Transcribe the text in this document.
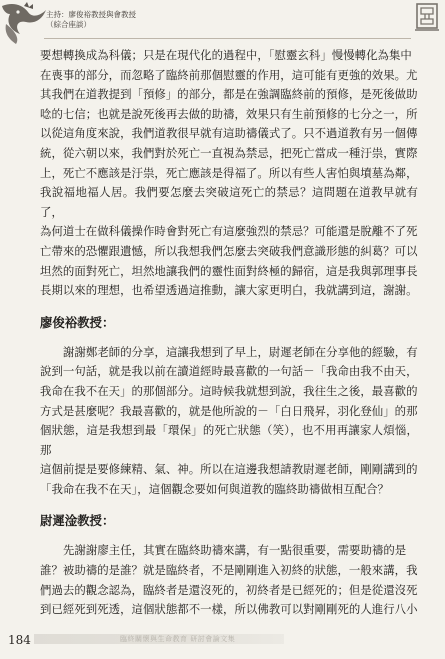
主持：廖俊裕教授與會教授
（綜合座談）

要想轉換成為科儀；只是在現代化的過程中，「慰靈玄科」慢慢轉化為集中

在喪事的部分，而忽略了臨終前那個慰靈的作用，這可能有更強的效果。尤

其我們在道教提到「預修」的部分，都是在強調臨終前的預修，是死後做助

唸的七信；也就是說死後再去做的助禱，效果只有生前預修的七分之一，所

以從這角度來說，我們道教很早就有這助禱儀式了。只不過道教有另一個傳

統，從六朝以來，我們對於死亡一直視為禁忌，把死亡當成一種汙祟，實際

上，死亡不應該是汙祟，死亡應該是得福了。所以有些人害怕與墳墓為鄰，

我說福地福人居。我們要怎麼去突破這死亡的禁忌？這問題在道教早就有了，

為何道士在做科儀操作時會對死亡有這麼強烈的禁忌？可能還是脫離不了死

亡帶來的恐懼跟遺憾，所以我想我們怎麼去突破我們意識形態的糾葛？可以

坦然的面對死亡，坦然地讓我們的靈性面對終極的歸宿，這是我與郭理事長

長期以來的理想，也希望透過這推動，讓大家更明白，我就講到這，謝謝。

廖俊裕教授：

謝謝鄭老師的分享，這讓我想到了早上，尉遲老師在分享他的經驗，有

說到一句話，就是我以前在讀道經時最喜歡的一句話－「我命由我不由天，

我命在我不在天」的那個部分。這時候我就想到說，我往生之後，最喜歡的

方式是甚麼呢？我最喜歡的，就是他所說的－「白日飛昇，羽化登仙」的那

個狀態，這是我想到最「環保」的死亡狀態（笑），也不用再讓家人煩惱，那

這個前提是要修練精、氣、神。所以在這邊我想請教尉遲老師，剛剛講到的

「我命在我不在天」，這個觀念要如何與道教的臨終助禱做相互配合？

尉遲淦教授：

先謝謝廖主任，其實在臨終助禱來講，有一點很重要，需要助禱的是

誰？被助禱的是誰？就是臨終者，不是剛剛進入初終的狀態，一般來講，我

們過去的觀念認為，臨終者是還沒死的，初終者是已經死的；但是從還沒死

到已經死到死透，這個狀態都不一樣，所以佛教可以對剛剛死的人進行八小

臨終關懷與生命教育 研討會論文集
184
